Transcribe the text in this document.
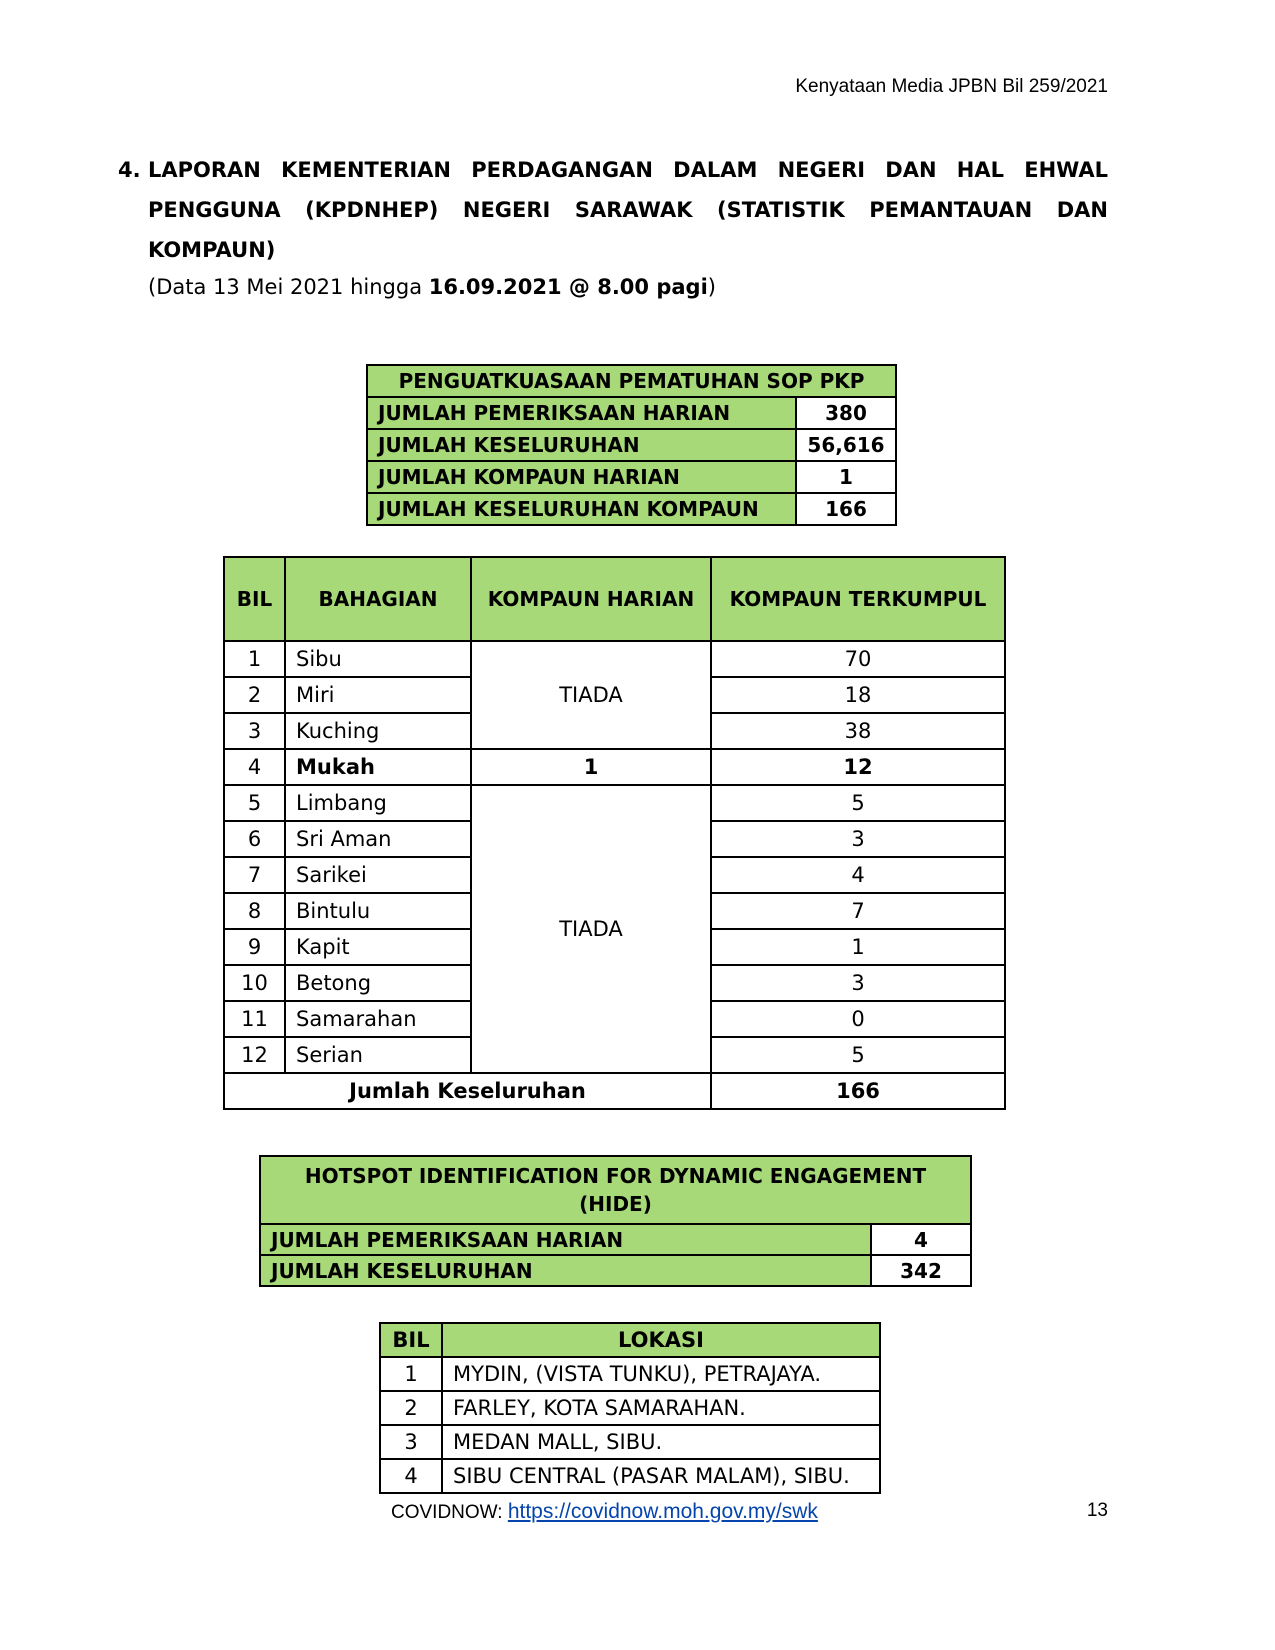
Kenyataan Media JPBN Bil 259/2021
4. LAPORAN KEMENTERIAN PERDAGANGAN DALAM NEGERI DAN HAL EHWAL PENGGUNA (KPDNHEP) NEGERI SARAWAK (STATISTIK PEMANTAUAN DAN KOMPAUN)
(Data 13 Mei 2021 hingga 16.09.2021 @ 8.00 pagi)
PENGUATKUASAAN PEMATUHAN SOP PKP	
JUMLAH PEMERIKSAAN HARIAN	380
JUMLAH KESELURUHAN	56,616
JUMLAH KOMPAUN HARIAN	1
JUMLAH KESELURUHAN KOMPAUN	166
BIL	BAHAGIAN	KOMPAUN HARIAN	KOMPAUN TERKUMPUL
1	Sibu	TIADA	70
2	Miri		18
3	Kuching		38
4	Mukah	1	12
5	Limbang	TIADA	5
6	Sri Aman		3
7	Sarikei		4
8	Bintulu		7
9	Kapit		1
10	Betong		3
11	Samarahan		0
12	Serian		5
Jumlah Keseluruhan			166
HOTSPOT IDENTIFICATION FOR DYNAMIC ENGAGEMENT (HIDE)	
JUMLAH PEMERIKSAAN HARIAN	4
JUMLAH KESELURUHAN	342
BIL	LOKASI
1	MYDIN, (VISTA TUNKU), PETRAJAYA.
2	FARLEY, KOTA SAMARAHAN.
3	MEDAN MALL, SIBU.
4	SIBU CENTRAL (PASAR MALAM), SIBU.
COVIDNOW: https://covidnow.moh.gov.my/swk	13
